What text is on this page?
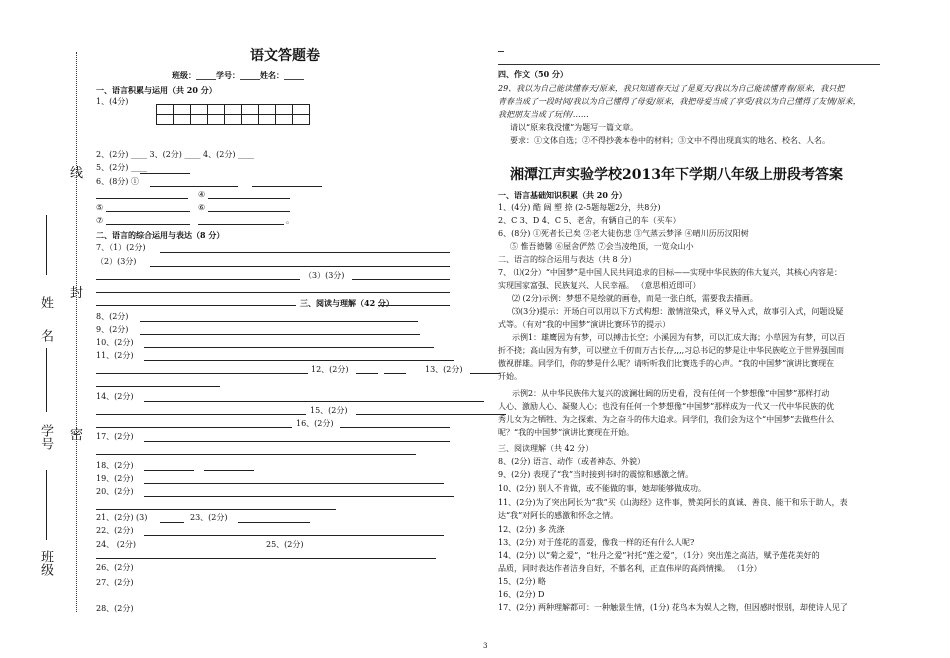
线
封
密
姓 名
学号
班级
语文答题卷
班级：_____学号：_____姓名：_____
一、语言积累与运用（共 20 分）
1、(4分)

2、(2分) ____ 3、(2分) ____ 4、(2分) ____
5、(2分) ____
6、(8分) ①
④
⑤	⑥
⑦	。
二、语言的综合运用与表达（8 分）
7、（1）(2分)
（2）(3分)
（3）(3分)
三、阅读与理解（42 分）
8、(2分)
9、(2分)
10、(2分)
11、(2分)
12、(2分)	13、(2分)
14、(2分)
15、(2分)
16、(2分)
17、(2分)
18、(2分)
19、(2分)
20、(2分)
21、(2分) (3)	23、(2分)
22、(2分)
24、 (2分)	25、(2分)
26、(2分)
27、(2分)
28、(2分)
四、作文（50 分）
29、我以为自己能读懂春天/原来，我只知道春天过了是夏天/我以为自己能读懂青春/原来，我只把
青春当成了一段时间/我以为自己懂得了母爱/原来，我把母爱当成了享受/我以为自己懂得了友情/原来，
我把朋友当成了玩伴/……
请以“原来我没懂”为题写一篇文章。
要求：①文体自选；②不得抄袭本卷中的材料；③文中不得出现真实的地名、校名、人名。
湘潭江声实验学校2013年下学期八年级上册段考答案
一、语言基础知识积累（共 20 分）
1、(4分) 酷 阔 塑 捺 (2-5题每题2分，共8分)
2、C 3、D 4、C 5、老舍，有辆自己的车（买车）
6、(8分) ①死者长已矣 ②老大徒伤悲 ③气蒸云梦泽 ④晴川历历汉阳树
⑤ 惟吾德馨 ⑥屋舍俨然 ⑦会当凌绝顶，一览众山小
二、语言的综合运用与表达（共 8 分）
7、 ⑴(2分）“中国梦”是中国人民共同追求的目标——实现中华民族的伟大复兴，其核心内容是：
实现国家富强、民族复兴、人民幸福。 （意思相近即可）
⑵ (2分)示例：梦想不是绘就的画卷，而是一张白纸，需要我去描画。
⑶(3分)提示：开场白可以用以下方式构想：激情渲染式，释义导入式，故事引入式，问题设疑
式等。（有对“我的中国梦”演讲比赛环节的提示）
示例1：雄鹰因为有梦，可以搏击长空；小溪因为有梦，可以汇成大海；小草因为有梦，可以百
折不挠；高山因为有梦，可以壁立千仞而万古长存,,,,习总书记的梦是让中华民族屹立于世界强国而
傲视群雄。同学们，你的梦是什么呢？请听听我们比赛选手的心声。“我的中国梦”演讲比赛现在
开始。
示例2：从中华民族伟大复兴的波澜壮阔的历史看，没有任何一个梦想像“中国梦”那样打动
人心、激励人心、凝聚人心；也没有任何一个梦想像“中国梦”那样成为一代又一代中华民族的优
秀儿女为之牺牲、为之探索、为之奋斗的伟大追求。同学们，我们会为这个“中国梦”去做些什么
呢？“我的中国梦”演讲比赛现在开始。
三、阅读理解（共 42 分）
8、(2分) 语言、动作（或者神态、外貌）
9、(2分) 表现了“我”当时接到书时的震惊和感激之情。
10、(2分) 别人不肯做，或不能做的事，她却能够做成功。
11、(2分)为了突出阿长为“我”买《山海经》这件事，赞美阿长的真诚、善良、能干和乐于助人，表
达“我”对阿长的感激和怀念之情。
12、(2分) 多 洗涤
13、(2分) 对于莲花的喜爱，像我一样的还有什么人呢?
14、(2分) 以“菊之爱”，“牡丹之爱”衬托“莲之爱”，（1分）突出莲之高洁，赋予莲花美好的
品质，同时表达作者洁身自好，不慕名利，正直伟岸的高尚情操。 （1分）
15、(2分) 略
16、(2分) D
17、(2分) 两种理解都可：一种触景生情，(1分) 花鸟本为娱人之物，但因感时恨别，却使诗人见了
3
